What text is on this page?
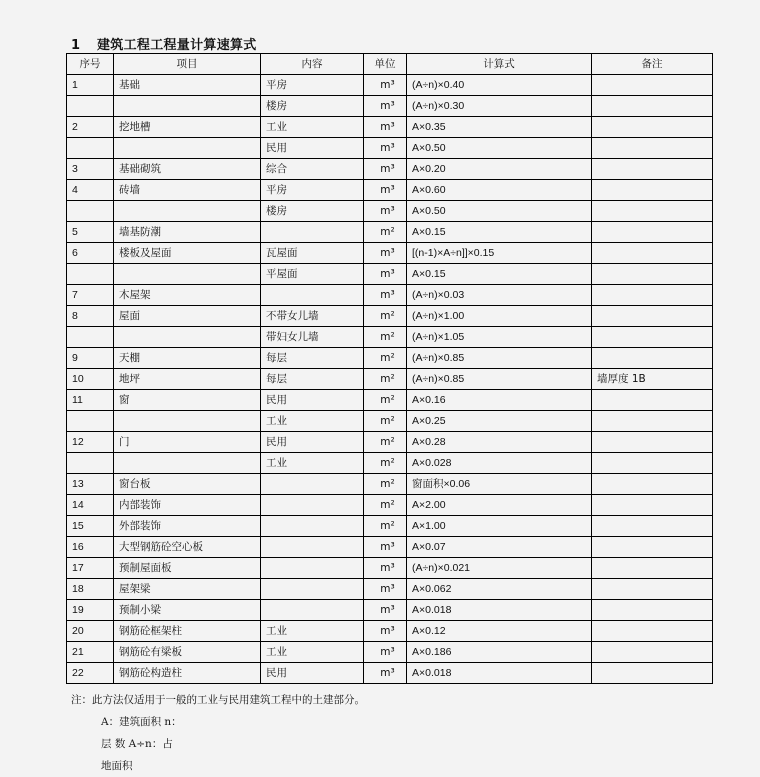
1 建筑工程工程量计算速算式
序号	项目	内容	单位	计算式	备注
1	基础	平房	m³	(A÷n)×0.40	
		楼房	m³	(A÷n)×0.30	
2	挖地槽	工业	m³	A×0.35	
		民用	m³	A×0.50	
3	基础砌筑	综合	m³	A×0.20	
4	砖墙	平房	m³	A×0.60	
		楼房	m³	A×0.50	
5	墙基防潮		m²	A×0.15	
6	楼板及屋面	瓦屋面	m³	[(n-1)×A÷n]]×0.15	
		平屋面	m³	A×0.15	
7	木屋架		m³	(A÷n)×0.03	
8	屋面	不带女儿墙	m²	(A÷n)×1.00	
		带妇女儿墙	m²	(A÷n)×1.05	
9	天棚	每层	m²	(A÷n)×0.85	
10	地坪	每层	m²	(A÷n)×0.85	墙厚度 1B
11	窗	民用	m²	A×0.16	
		工业	m²	A×0.25	
12	门	民用	m²	A×0.28	
		工业	m²	A×0.028	
13	窗台板		m²	窗面积×0.06	
14	内部装饰		m²	A×2.00	
15	外部装饰		m²	A×1.00	
16	大型钢筋砼空心板		m³	A×0.07	
17	预制屋面板		m³	(A÷n)×0.021	
18	屋架梁		m³	A×0.062	
19	预制小梁		m³	A×0.018	
20	钢筋砼框架柱	工业	m³	A×0.12	
21	钢筋砼有梁板	工业	m³	A×0.186	
22	钢筋砼构造柱	民用	m³	A×0.018	
注：此方法仅适用于一般的工业与民用建筑工程中的土建部分。
A：建筑面积 n：
层 数 A÷n：占
地面积
